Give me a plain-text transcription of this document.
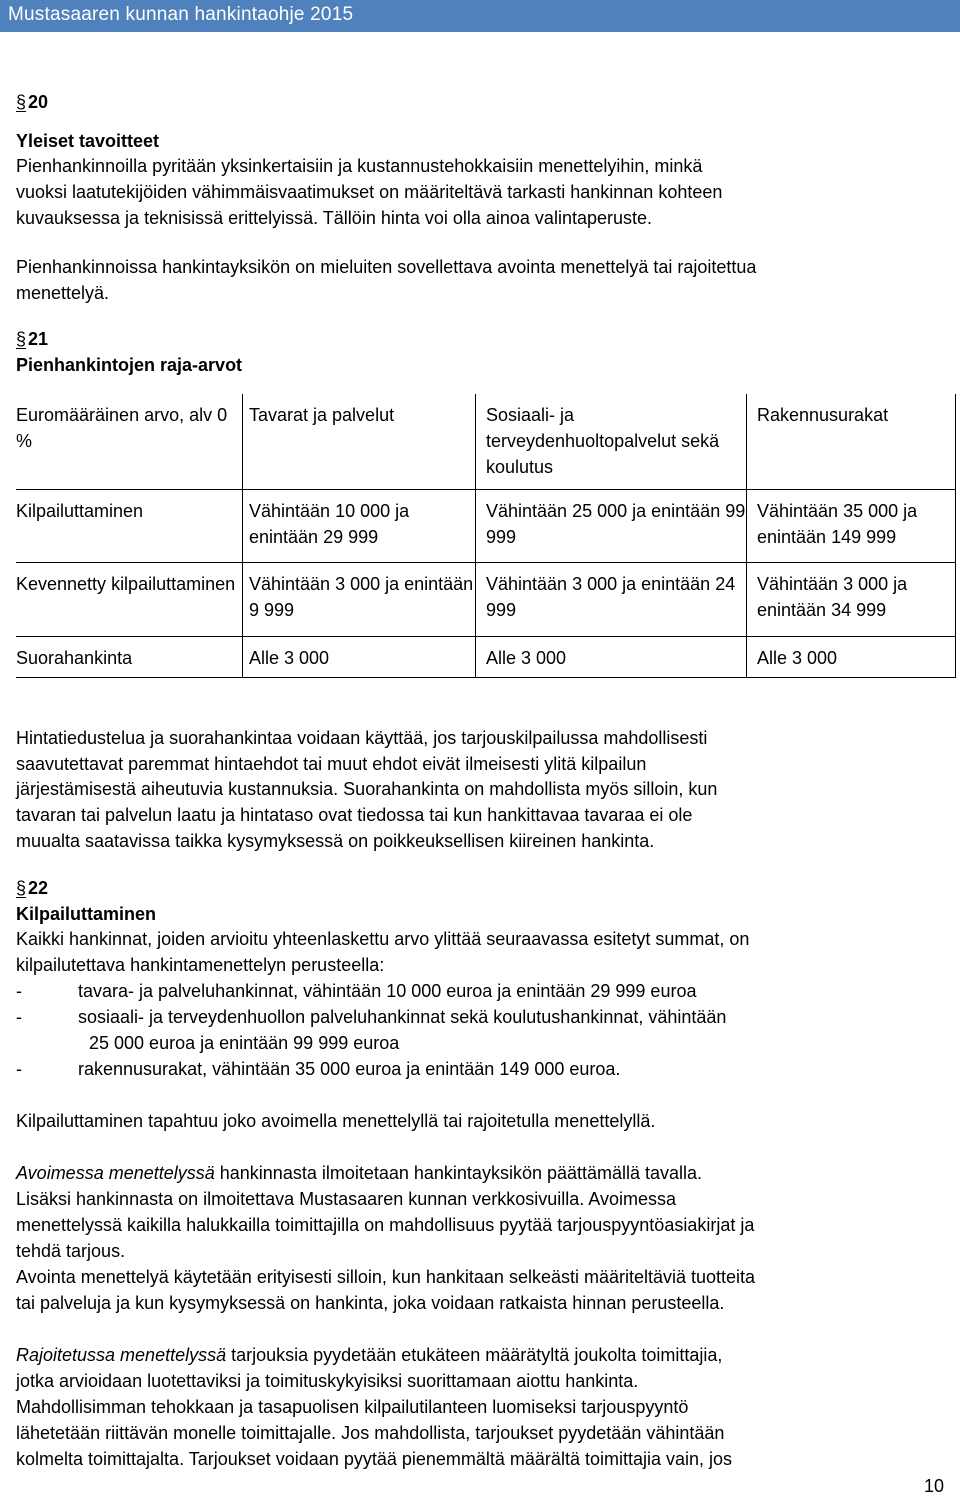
Mustasaaren kunnan hankintaohje 2015
§ 20
Yleiset tavoitteet
Pienhankinnoilla pyritään yksinkertaisiin ja kustannustehokkaisiin menettelyihin, minkä
vuoksi laatutekijöiden vähimmäisvaatimukset on määriteltävä tarkasti hankinnan kohteen
kuvauksessa ja teknisissä erittelyissä. Tällöin hinta voi olla ainoa valintaperuste.
Pienhankinnoissa hankintayksikön on mieluiten sovellettava avointa menettelyä tai rajoitettua
menettelyä.
§ 21
Pienhankintojen raja-arvot
Hintatiedustelua ja suorahankintaa voidaan käyttää, jos tarjouskilpailussa mahdollisesti
saavutettavat paremmat hintaehdot tai muut ehdot eivät ilmeisesti ylitä kilpailun
järjestämisestä aiheutuvia kustannuksia. Suorahankinta on mahdollista myös silloin, kun
tavaran tai palvelun laatu ja hintataso ovat tiedossa tai kun hankittavaa tavaraa ei ole
muualta saatavissa taikka kysymyksessä on poikkeuksellisen kiireinen hankinta.
§ 22
Kilpailuttaminen
Kaikki hankinnat, joiden arvioitu yhteenlaskettu arvo ylittää seuraavassa esitetyt summat, on
kilpailutettava hankintamenettelyn perusteella:
-	tavara- ja palveluhankinnat, vähintään 10 000 euroa ja enintään 29 999 euroa
-	sosiaali- ja terveydenhuollon palveluhankinnat sekä koulutushankinnat, vähintään
25 000 euroa ja enintään 99 999 euroa
-	rakennusurakat, vähintään 35 000 euroa ja enintään 149 000 euroa.
Kilpailuttaminen tapahtuu joko avoimella menettelyllä tai rajoitetulla menettelyllä.
Avoimessa menettelyssä hankinnasta ilmoitetaan hankintayksikön päättämällä tavalla.
Lisäksi hankinnasta on ilmoitettava Mustasaaren kunnan verkkosivuilla. Avoimessa
menettelyssä kaikilla halukkailla toimittajilla on mahdollisuus pyytää tarjouspyyntöasiakirjat ja
tehdä tarjous.
Avointa menettelyä käytetään erityisesti silloin, kun hankitaan selkeästi määriteltäviä tuotteita
tai palveluja ja kun kysymyksessä on hankinta, joka voidaan ratkaista hinnan perusteella.
Rajoitetussa menettelyssä tarjouksia pyydetään etukäteen määrätyltä joukolta toimittajia,
jotka arvioidaan luotettaviksi ja toimituskykyisiksi suorittamaan aiottu hankinta.
Mahdollisimman tehokkaan ja tasapuolisen kilpailutilanteen luomiseksi tarjouspyyntö
lähetetään riittävän monelle toimittajalle. Jos mahdollista, tarjoukset pyydetään vähintään
kolmelta toimittajalta. Tarjoukset voidaan pyytää pienemmältä määrältä toimittajia vain, jos
Euromääräinen arvo, alv 0 %	Tavarat ja palvelut	Sosiaali- ja terveydenhuoltopalvelut sekä koulutus	Rakennusurakat
Kilpailuttaminen	Vähintään 10 000 ja enintään 29 999	Vähintään 25 000 ja enintään 99 999	Vähintään 35 000 ja enintään 149 999
Kevennetty kilpailuttaminen	Vähintään 3 000 ja enintään 9 999	Vähintään 3 000 ja enintään 24 999	Vähintään 3 000 ja enintään 34 999
Suorahankinta	Alle 3 000	Alle 3 000	Alle 3 000
10
